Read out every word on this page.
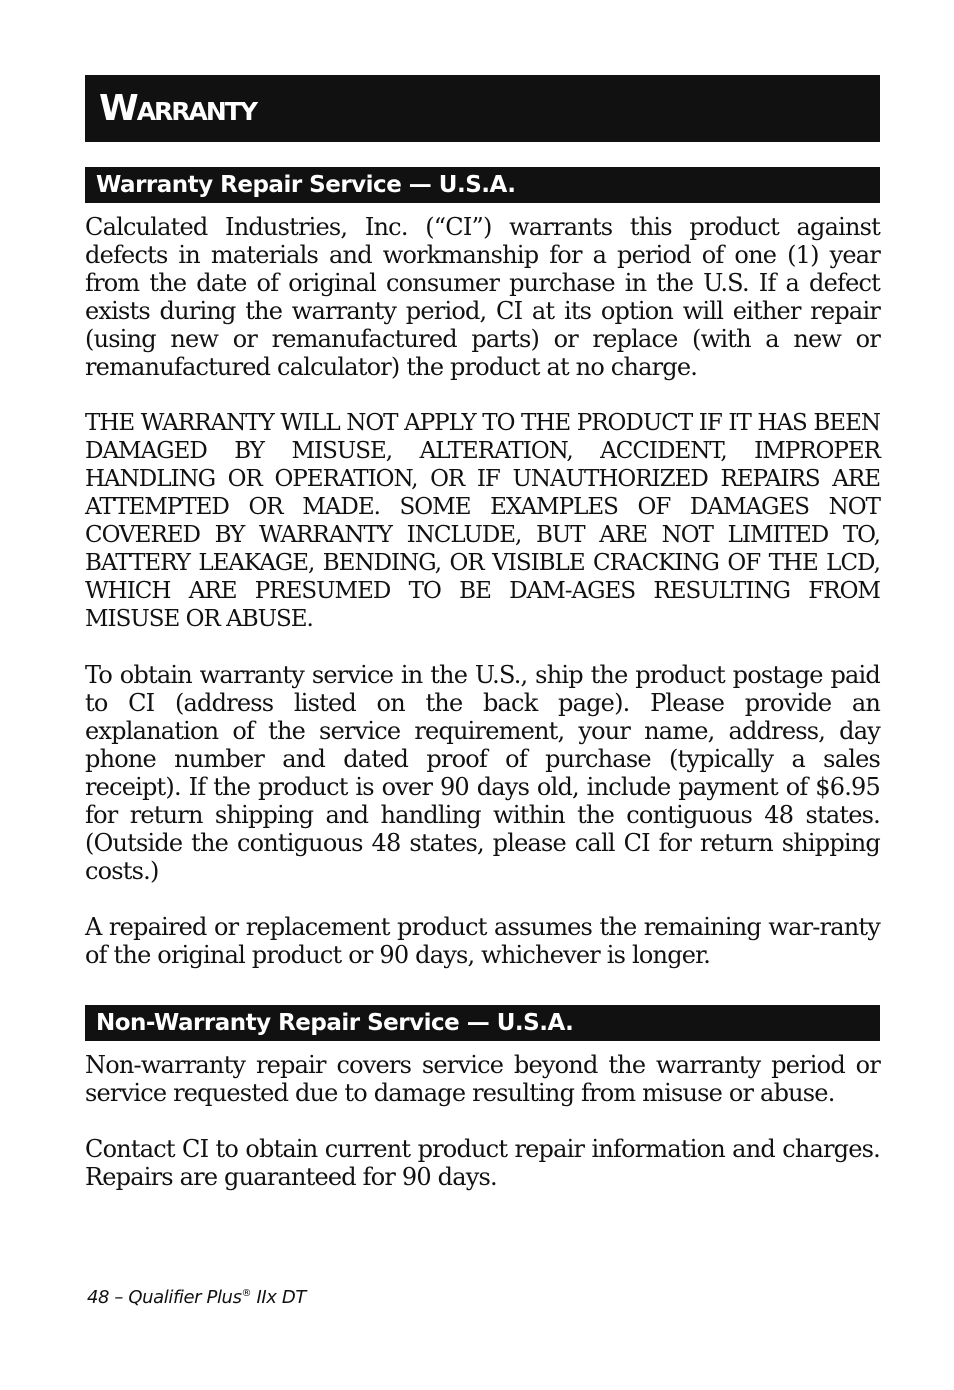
Warranty
Warranty Repair Service — U.S.A.

Calculated Industries, Inc. (“CI”) warrants this product against defects in materials and workmanship for a period of one (1) year from the date of original consumer purchase in the U.S. If a defect exists during the warranty period, CI at its option will either repair (using new or remanufactured parts) or replace (with a new or remanufactured calculator) the product at no charge.

THE WARRANTY WILL NOT APPLY TO THE PRODUCT IF IT HAS BEEN DAMAGED BY MISUSE, ALTERATION, ACCIDENT, IMPROPER HANDLING OR OPERATION, OR IF UNAUTHORIZED REPAIRS ARE ATTEMPTED OR MADE. SOME EXAMPLES OF DAMAGES NOT COVERED BY WARRANTY INCLUDE, BUT ARE NOT LIMITED TO, BATTERY LEAKAGE, BENDING, OR VISIBLE CRACKING OF THE LCD, WHICH ARE PRESUMED TO BE DAM-AGES RESULTING FROM MISUSE OR ABUSE.

To obtain warranty service in the U.S., ship the product postage paid to CI (address listed on the back page). Please provide an explanation of the service requirement, your name, address, day phone number and dated proof of purchase (typically a sales receipt). If the product is over 90 days old, include payment of $6.95 for return shipping and handling within the contiguous 48 states. (Outside the contiguous 48 states, please call CI for return shipping costs.)

A repaired or replacement product assumes the remaining war-ranty of the original product or 90 days, whichever is longer.

Non-Warranty Repair Service — U.S.A.

Non-warranty repair covers service beyond the warranty period or service requested due to damage resulting from misuse or abuse.

Contact CI to obtain current product repair information and charges. Repairs are guaranteed for 90 days.

48 – Qualifier Plus® IIx DT
